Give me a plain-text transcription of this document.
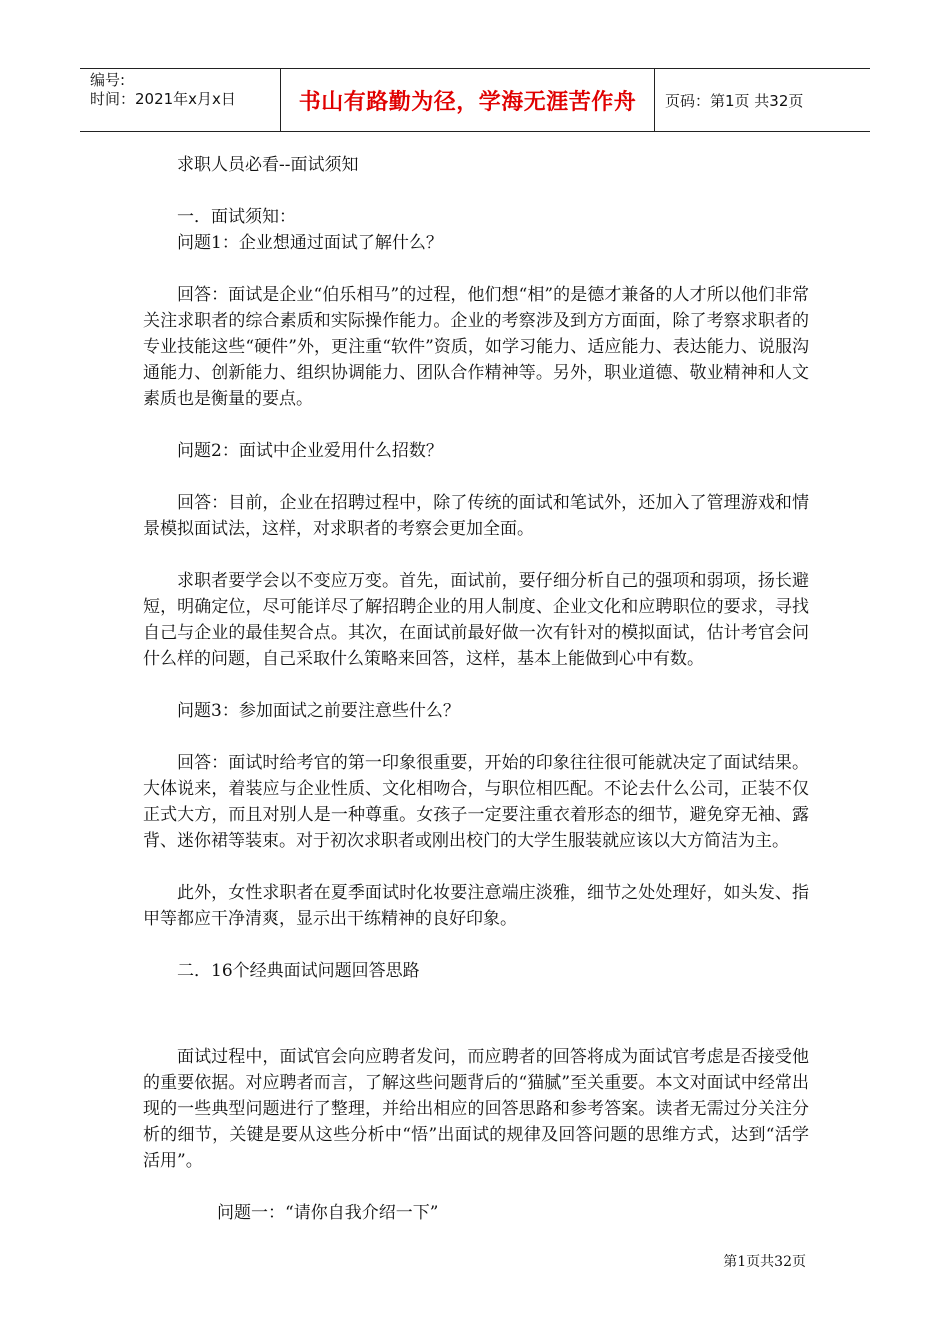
编号:
时间：2021年x月x日	书山有路勤为径，学海无涯苦作舟	页码：第1页 共32页

求职人员必看--面试须知

一．面试须知：

问题1：企业想通过面试了解什么？

回答：面试是企业“伯乐相马”的过程，他们想“相”的是德才兼备的人才所以他们非常关注求职者的综合素质和实际操作能力。企业的考察涉及到方方面面，除了考察求职者的专业技能这些“硬件”外，更注重“软件”资质，如学习能力、适应能力、表达能力、说服沟通能力、创新能力、组织协调能力、团队合作精神等。另外，职业道德、敬业精神和人文素质也是衡量的要点。

问题2：面试中企业爱用什么招数？

回答：目前，企业在招聘过程中，除了传统的面试和笔试外，还加入了管理游戏和情景模拟面试法，这样，对求职者的考察会更加全面。

求职者要学会以不变应万变。首先，面试前，要仔细分析自己的强项和弱项，扬长避短，明确定位，尽可能详尽了解招聘企业的用人制度、企业文化和应聘职位的要求，寻找自己与企业的最佳契合点。其次，在面试前最好做一次有针对的模拟面试，估计考官会问什么样的问题，自己采取什么策略来回答，这样，基本上能做到心中有数。

问题3：参加面试之前要注意些什么？

回答：面试时给考官的第一印象很重要，开始的印象往往很可能就决定了面试结果。大体说来，着装应与企业性质、文化相吻合，与职位相匹配。不论去什么公司，正装不仅正式大方，而且对别人是一种尊重。女孩子一定要注重衣着形态的细节，避免穿无袖、露背、迷你裙等装束。对于初次求职者或刚出校门的大学生服装就应该以大方简洁为主。

此外，女性求职者在夏季面试时化妆要注意端庄淡雅，细节之处处理好，如头发、指甲等都应干净清爽，显示出干练精神的良好印象。

二．16个经典面试问题回答思路

面试过程中，面试官会向应聘者发问，而应聘者的回答将成为面试官考虑是否接受他的重要依据。对应聘者而言，了解这些问题背后的“猫腻”至关重要。本文对面试中经常出现的一些典型问题进行了整理，并给出相应的回答思路和参考答案。读者无需过分关注分析的细节，关键是要从这些分析中“悟”出面试的规律及回答问题的思维方式，达到“活学活用”。

问题一：“请你自我介绍一下”

第1页共32页
